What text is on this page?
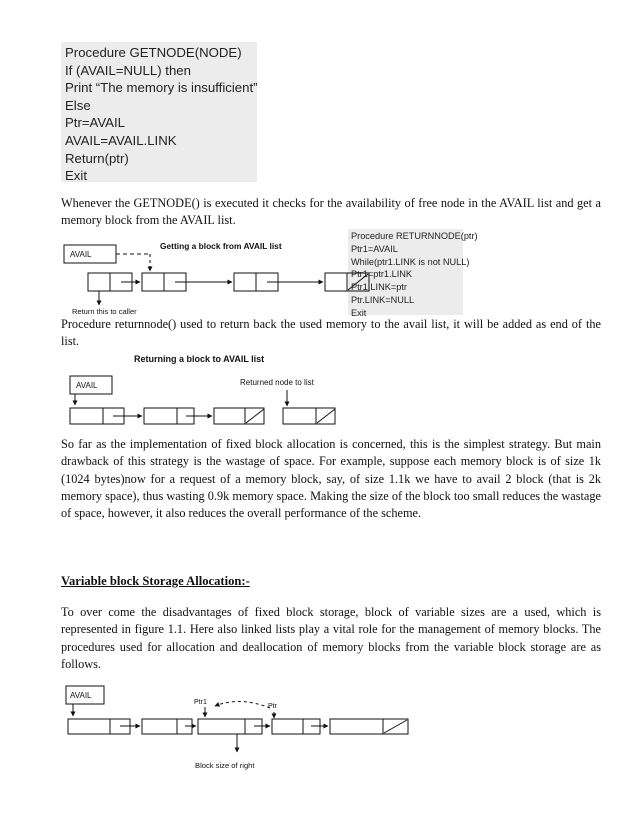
Procedure GETNODE(NODE)
If (AVAIL=NULL) then
Print “The memory is insufficient”
Else
Ptr=AVAIL
AVAIL=AVAIL.LINK
Return(ptr)
Exit
Whenever the GETNODE() is executed it checks for the availability of free node in the AVAIL list and get a memory block from the AVAIL list.
Procedure RETURNNODE(ptr)
Ptr1=AVAIL
While(ptr1.LINK is not NULL)
Ptr1=ptr1.LINK
Ptr1.LINK=ptr
Ptr.LINK=NULL
Exit
AVAIL
Getting a block from AVAIL list
Return this to caller
Returning a block to AVAIL list
AVAIL	Returned node to list
AVAIL
Ptr1
Ptr
Block size of right
Procedure returnnode() used to return back the used memory to the avail list, it will be added as end of the list.
So far as the implementation of fixed block allocation is concerned, this is the simplest strategy. But main drawback of this strategy is the wastage of space. For example, suppose each memory block is of size 1k (1024 bytes)now for a request of a memory block, say, of size 1.1k we have to avail 2 block (that is 2k memory space), thus wasting 0.9k memory space. Making the size of the block too small reduces the wastage of space, however, it also reduces the overall performance of the scheme.
Variable block Storage Allocation:-
To over come the disadvantages of fixed block storage, block of variable sizes are a used, which is represented in figure 1.1. Here also linked lists play a vital role for the management of memory blocks. The procedures used for allocation and deallocation of memory blocks from the variable block storage are as follows.
